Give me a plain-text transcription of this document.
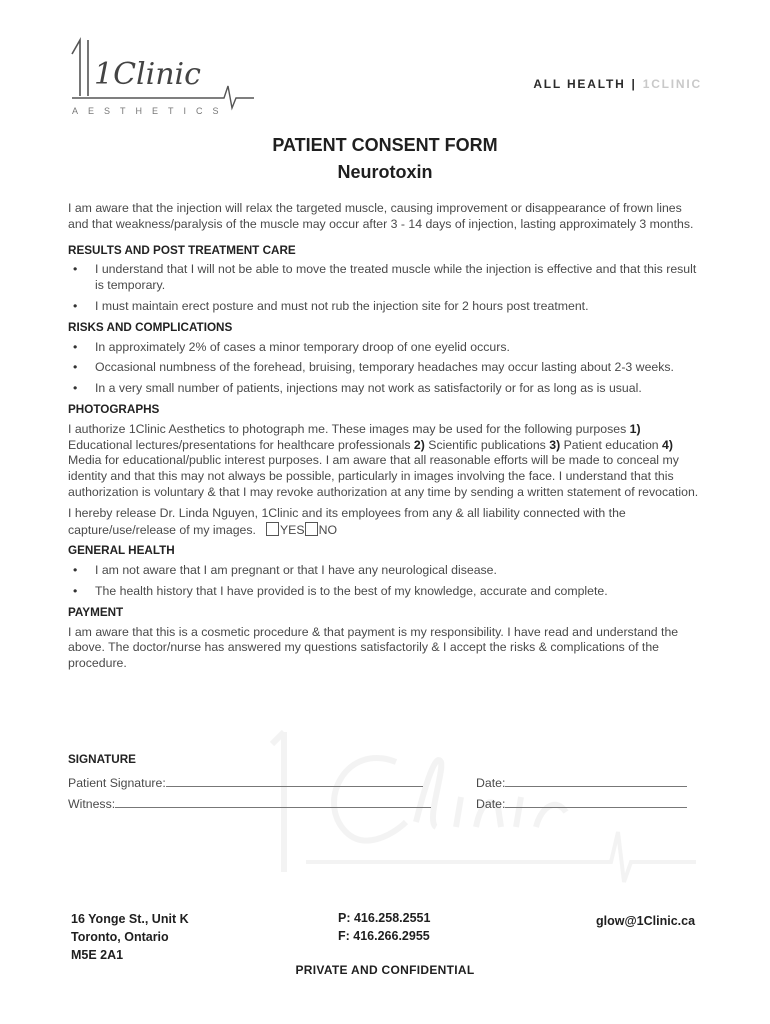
1Clinic
AESTHETICS
ALL HEALTH | 1CLINIC
PATIENT CONSENT FORM
Neurotoxin

I am aware that the injection will relax the targeted muscle, causing improvement or disappearance of frown lines and that weakness/paralysis of the muscle may occur after 3 - 14 days of injection, lasting approximately 3 months.

RESULTS AND POST TREATMENT CARE
• I understand that I will not be able to move the treated muscle while the injection is effective and that this result is temporary.
• I must maintain erect posture and must not rub the injection site for 2 hours post treatment.
RISKS AND COMPLICATIONS
• In approximately 2% of cases a minor temporary droop of one eyelid occurs.
• Occasional numbness of the forehead, bruising, temporary headaches may occur lasting about 2-3 weeks.
• In a very small number of patients, injections may not work as satisfactorily or for as long as is usual.
PHOTOGRAPHS

I authorize 1Clinic Aesthetics to photograph me. These images may be used for the following purposes 1) Educational lectures/presentations for healthcare professionals 2) Scientific publications 3) Patient education 4) Media for educational/public interest purposes. I am aware that all reasonable efforts will be made to conceal my identity and that this may not always be possible, particularly in images involving the face. I understand that this authorization is voluntary & that I may revoke authorization at any time by sending a written statement of revocation.

I hereby release Dr. Linda Nguyen, 1Clinic and its employees from any & all liability connected with the capture/use/release of my images. YES NO

GENERAL HEALTH
• I am not aware that I am pregnant or that I have any neurological disease.
• The health history that I have provided is to the best of my knowledge, accurate and complete.
PAYMENT

I am aware that this is a cosmetic procedure & that payment is my responsibility. I have read and understand the above. The doctor/nurse has answered my questions satisfactorily & I accept the risks & complications of the procedure.

SIGNATURE
Patient Signature:	Date:
Witness:	Date:
16 Yonge St., Unit K
Toronto, Ontario
M5E 2A1
P: 416.258.2551
F: 416.266.2955
glow@1Clinic.ca
PRIVATE AND CONFIDENTIAL
